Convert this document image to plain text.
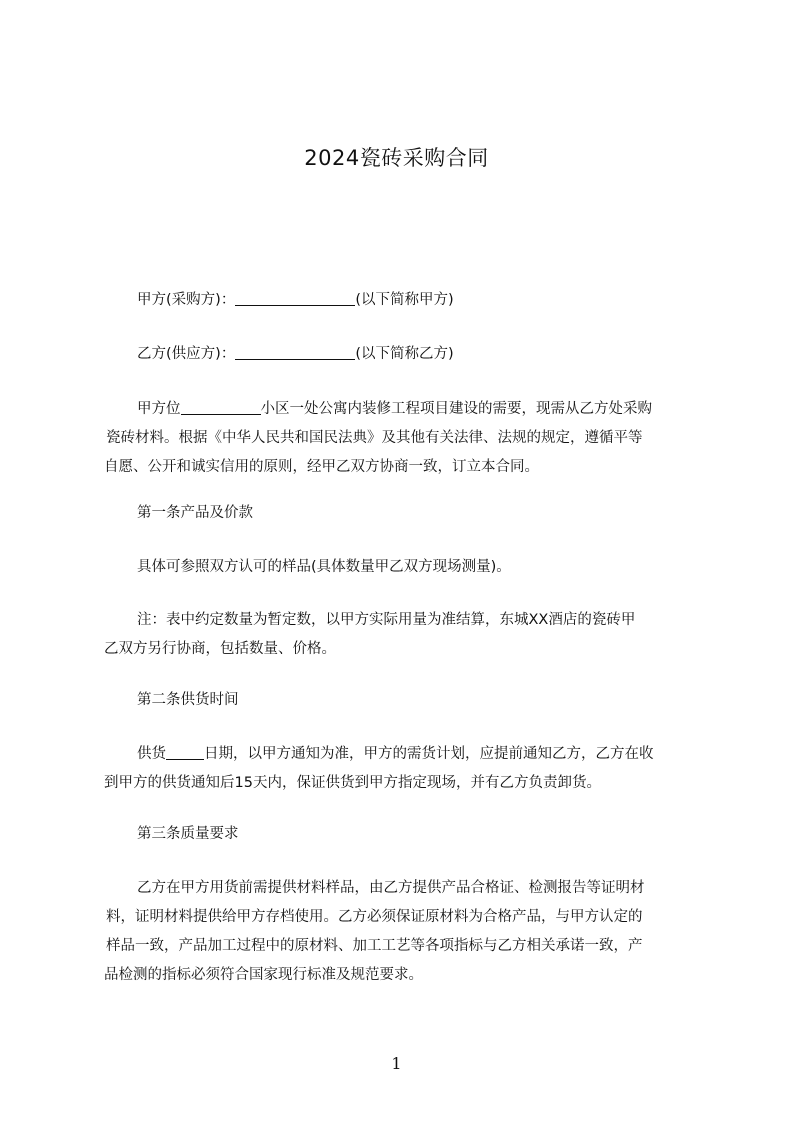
2024瓷砖采购合同
甲方(采购方)：	(以下简称甲方)
乙方(供应方)：	(以下简称乙方)
甲方位	小区一处公寓内装修工程项目建设的需要，现需从乙方处采购
瓷砖材料。根据《中华人民共和国民法典》及其他有关法律、法规的规定，遵循平等
自愿、公开和诚实信用的原则，经甲乙双方协商一致，订立本合同。
第一条产品及价款
具体可参照双方认可的样品(具体数量甲乙双方现场测量)。
注：表中约定数量为暂定数，以甲方实际用量为准结算，东城XX酒店的瓷砖甲
乙双方另行协商，包括数量、价格。
第二条供货时间
供货	日期，以甲方通知为准，甲方的需货计划，应提前通知乙方，乙方在收
到甲方的供货通知后15天内，保证供货到甲方指定现场，并有乙方负责卸货。
第三条质量要求
乙方在甲方用货前需提供材料样品，由乙方提供产品合格证、检测报告等证明材
料，证明材料提供给甲方存档使用。乙方必须保证原材料为合格产品，与甲方认定的
样品一致，产品加工过程中的原材料、加工工艺等各项指标与乙方相关承诺一致，产
品检测的指标必须符合国家现行标准及规范要求。
1
